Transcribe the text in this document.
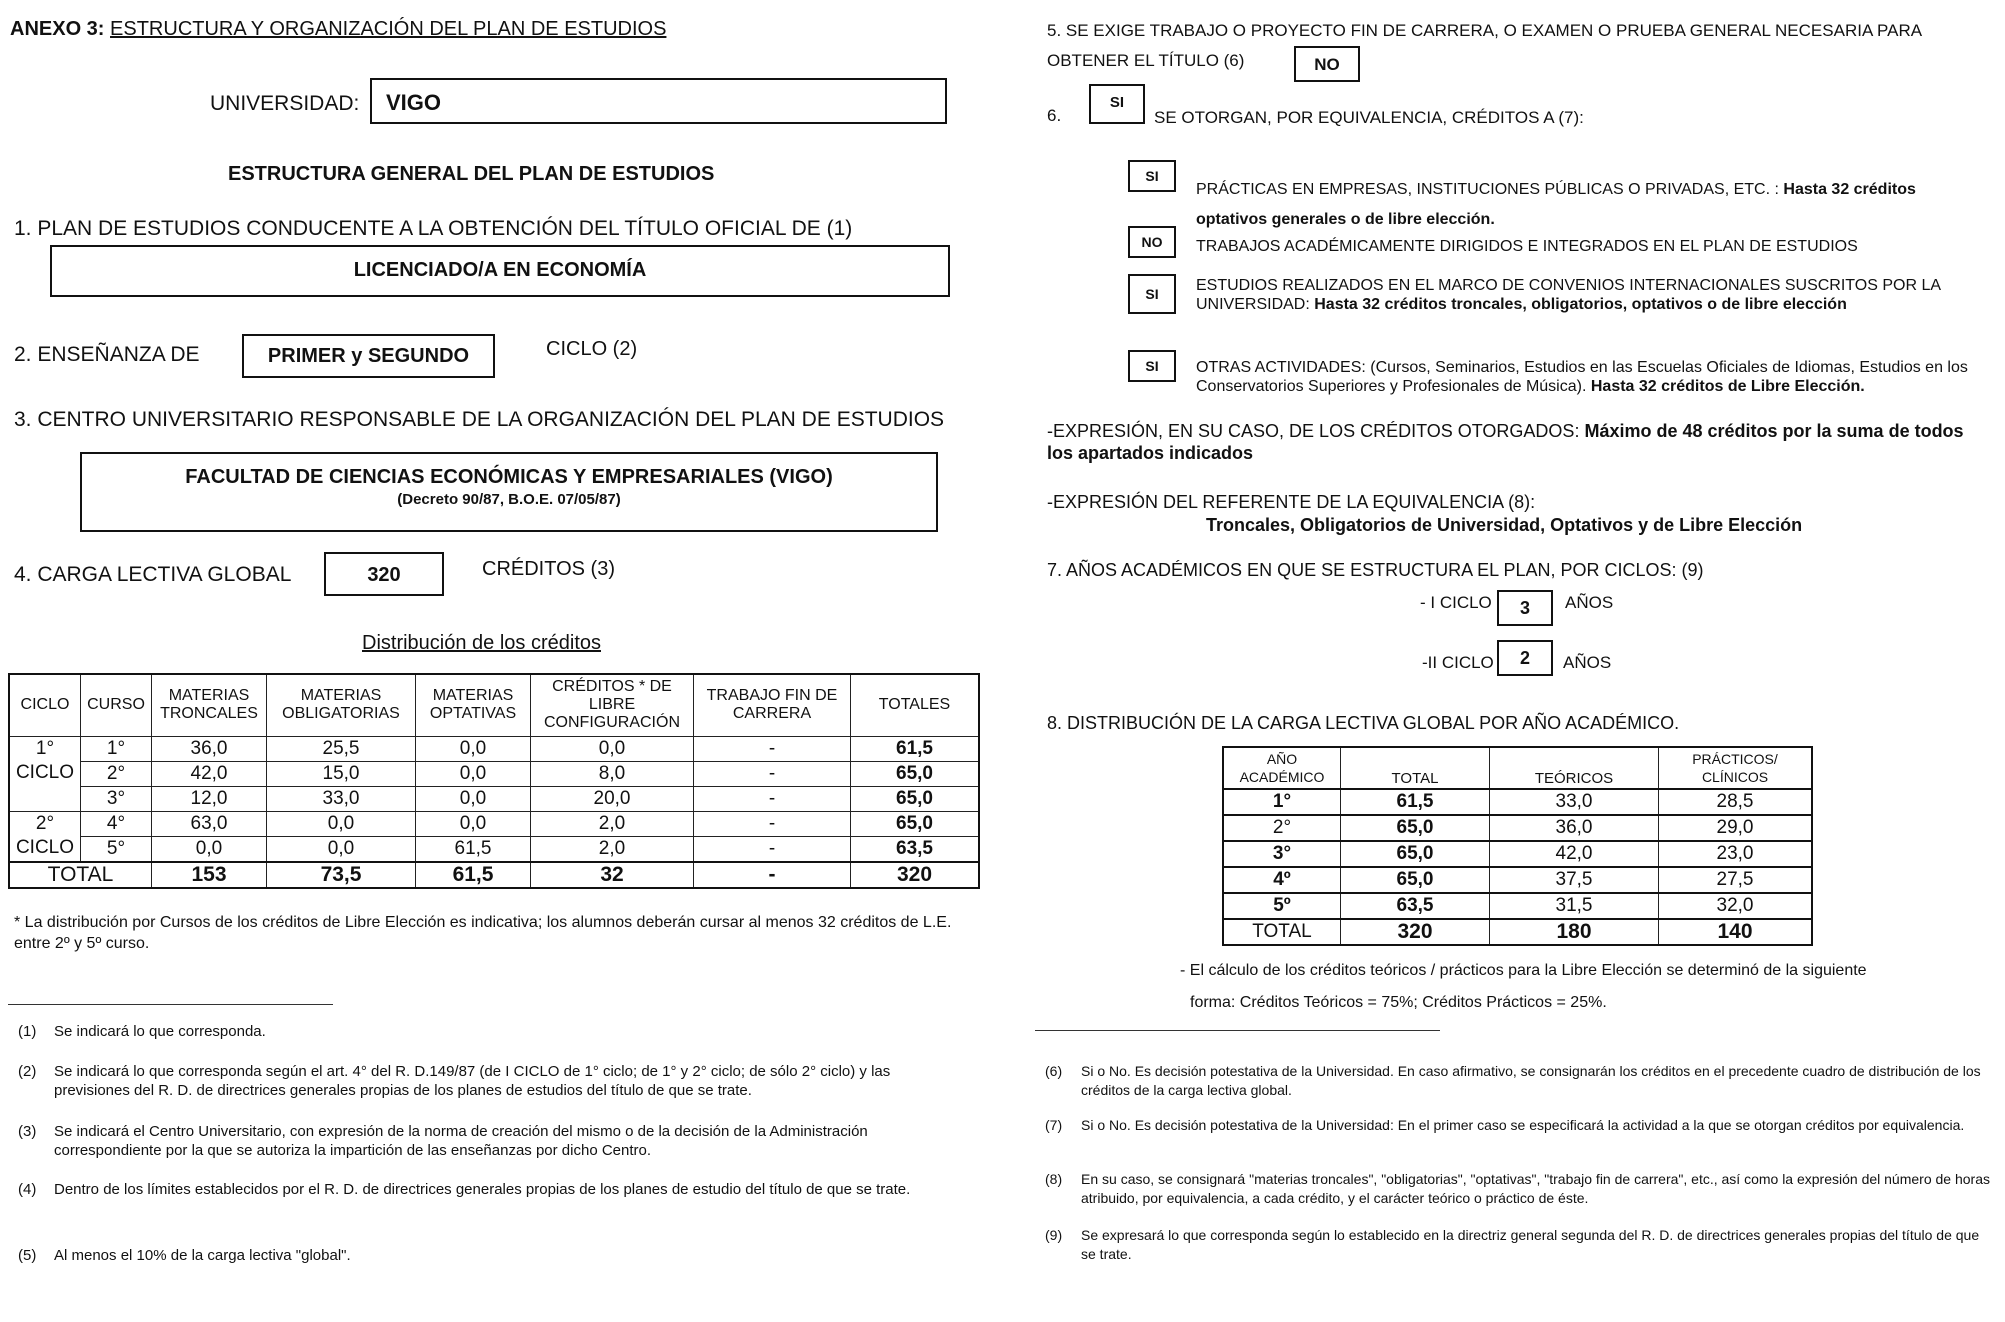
ANEXO 3: ESTRUCTURA Y ORGANIZACIÓN DEL PLAN DE ESTUDIOS
UNIVERSIDAD: VIGO
ESTRUCTURA GENERAL DEL PLAN DE ESTUDIOS
1. PLAN DE ESTUDIOS CONDUCENTE A LA OBTENCIÓN DEL TÍTULO OFICIAL DE (1)
LICENCIADO/A EN ECONOMÍA
2. ENSEÑANZA DE	PRIMER y SEGUNDO	CICLO (2)
3. CENTRO UNIVERSITARIO RESPONSABLE DE LA ORGANIZACIÓN DEL PLAN DE ESTUDIOS
FACULTAD DE CIENCIAS ECONÓMICAS Y EMPRESARIALES (VIGO)
(Decreto 90/87, B.O.E. 07/05/87)
4. CARGA LECTIVA GLOBAL	320	CRÉDITOS (3)
Distribución de los créditos
CICLO	CURSO	MATERIAS TRONCALES	MATERIAS OBLIGATORIAS	MATERIAS OPTATIVAS	CRÉDITOS * DE LIBRE CONFIGURACIÓN	TRABAJO FIN DE CARRERA	TOTALES
1° CICLO	1°	36,0	25,5	0,0	0,0	-	61,5
	2°	42,0	15,0	0,0	8,0	-	65,0
	3°	12,0	33,0	0,0	20,0	-	65,0
2° CICLO	4°	63,0	0,0	0,0	2,0	-	65,0
	5°	0,0	0,0	61,5	2,0	-	63,5
TOTAL		153	73,5	61,5	32	-	320
* La distribución por Cursos de los créditos de Libre Elección es indicativa; los alumnos deberán cursar al menos 32 créditos de L.E. entre 2º y 5º curso.
(1)	Se indicará lo que corresponda.
(2)	Se indicará lo que corresponda según el art. 4° del R. D.149/87 (de I CICLO de 1° ciclo; de 1° y 2° ciclo; de sólo 2° ciclo) y las previsiones del R. D. de directrices generales propias de los planes de estudios del título de que se trate.
(3)	Se indicará el Centro Universitario, con expresión de la norma de creación del mismo o de la decisión de la Administración correspondiente por la que se autoriza la impartición de las enseñanzas por dicho Centro.
(4)	Dentro de los límites establecidos por el R. D. de directrices generales propias de los planes de estudio del título de que se trate.
(5)	Al menos el 10% de la carga lectiva "global".
5. SE EXIGE TRABAJO O PROYECTO FIN DE CARRERA, O EXAMEN O PRUEBA GENERAL NECESARIA PARA OBTENER EL TÍTULO (6)	NO
6.
SI
SE OTORGAN, POR EQUIVALENCIA, CRÉDITOS A (7):
SI
PRÁCTICAS EN EMPRESAS, INSTITUCIONES PÚBLICAS O PRIVADAS, ETC. : Hasta 32 créditos optativos generales o de libre elección.
NO	TRABAJOS ACADÉMICAMENTE DIRIGIDOS E INTEGRADOS EN EL PLAN DE ESTUDIOS
SI	ESTUDIOS REALIZADOS EN EL MARCO DE CONVENIOS INTERNACIONALES SUSCRITOS POR LA UNIVERSIDAD: Hasta 32 créditos troncales, obligatorios, optativos o de libre elección
SI	OTRAS ACTIVIDADES: (Cursos, Seminarios, Estudios en las Escuelas Oficiales de Idiomas, Estudios en los Conservatorios Superiores y Profesionales de Música). Hasta 32 créditos de Libre Elección.
-EXPRESIÓN, EN SU CASO, DE LOS CRÉDITOS OTORGADOS: Máximo de 48 créditos por la suma de todos los apartados indicados
-EXPRESIÓN DEL REFERENTE DE LA EQUIVALENCIA (8):
Troncales, Obligatorios de Universidad, Optativos y de Libre Elección
7. AÑOS ACADÉMICOS EN QUE SE ESTRUCTURA EL PLAN, POR CICLOS: (9)
- I CICLO	3	AÑOS
-II CICLO	2	AÑOS
8. DISTRIBUCIÓN DE LA CARGA LECTIVA GLOBAL POR AÑO ACADÉMICO.
AÑO ACADÉMICO	TOTAL	TEÓRICOS	PRÁCTICOS/ CLÍNICOS
1°	61,5	33,0	28,5
2°	65,0	36,0	29,0
3°	65,0	42,0	23,0
4º	65,0	37,5	27,5
5º	63,5	31,5	32,0
TOTAL	320	180	140
- El cálculo de los créditos teóricos / prácticos para la Libre Elección se determinó de la siguiente
forma: Créditos Teóricos = 75%; Créditos Prácticos = 25%.
(6)	Si o No. Es decisión potestativa de la Universidad. En caso afirmativo, se consignarán los créditos en el precedente cuadro de distribución de los créditos de la carga lectiva global.
(7)	Si o No. Es decisión potestativa de la Universidad: En el primer caso se especificará la actividad a la que se otorgan créditos por equivalencia.
(8)	En su caso, se consignará "materias troncales", "obligatorias", "optativas", "trabajo fin de carrera", etc., así como la expresión del número de horas atribuido, por equivalencia, a cada crédito, y el carácter teórico o práctico de éste.
(9)	Se expresará lo que corresponda según lo establecido en la directriz general segunda del R. D. de directrices generales propias del título de que se trate.
